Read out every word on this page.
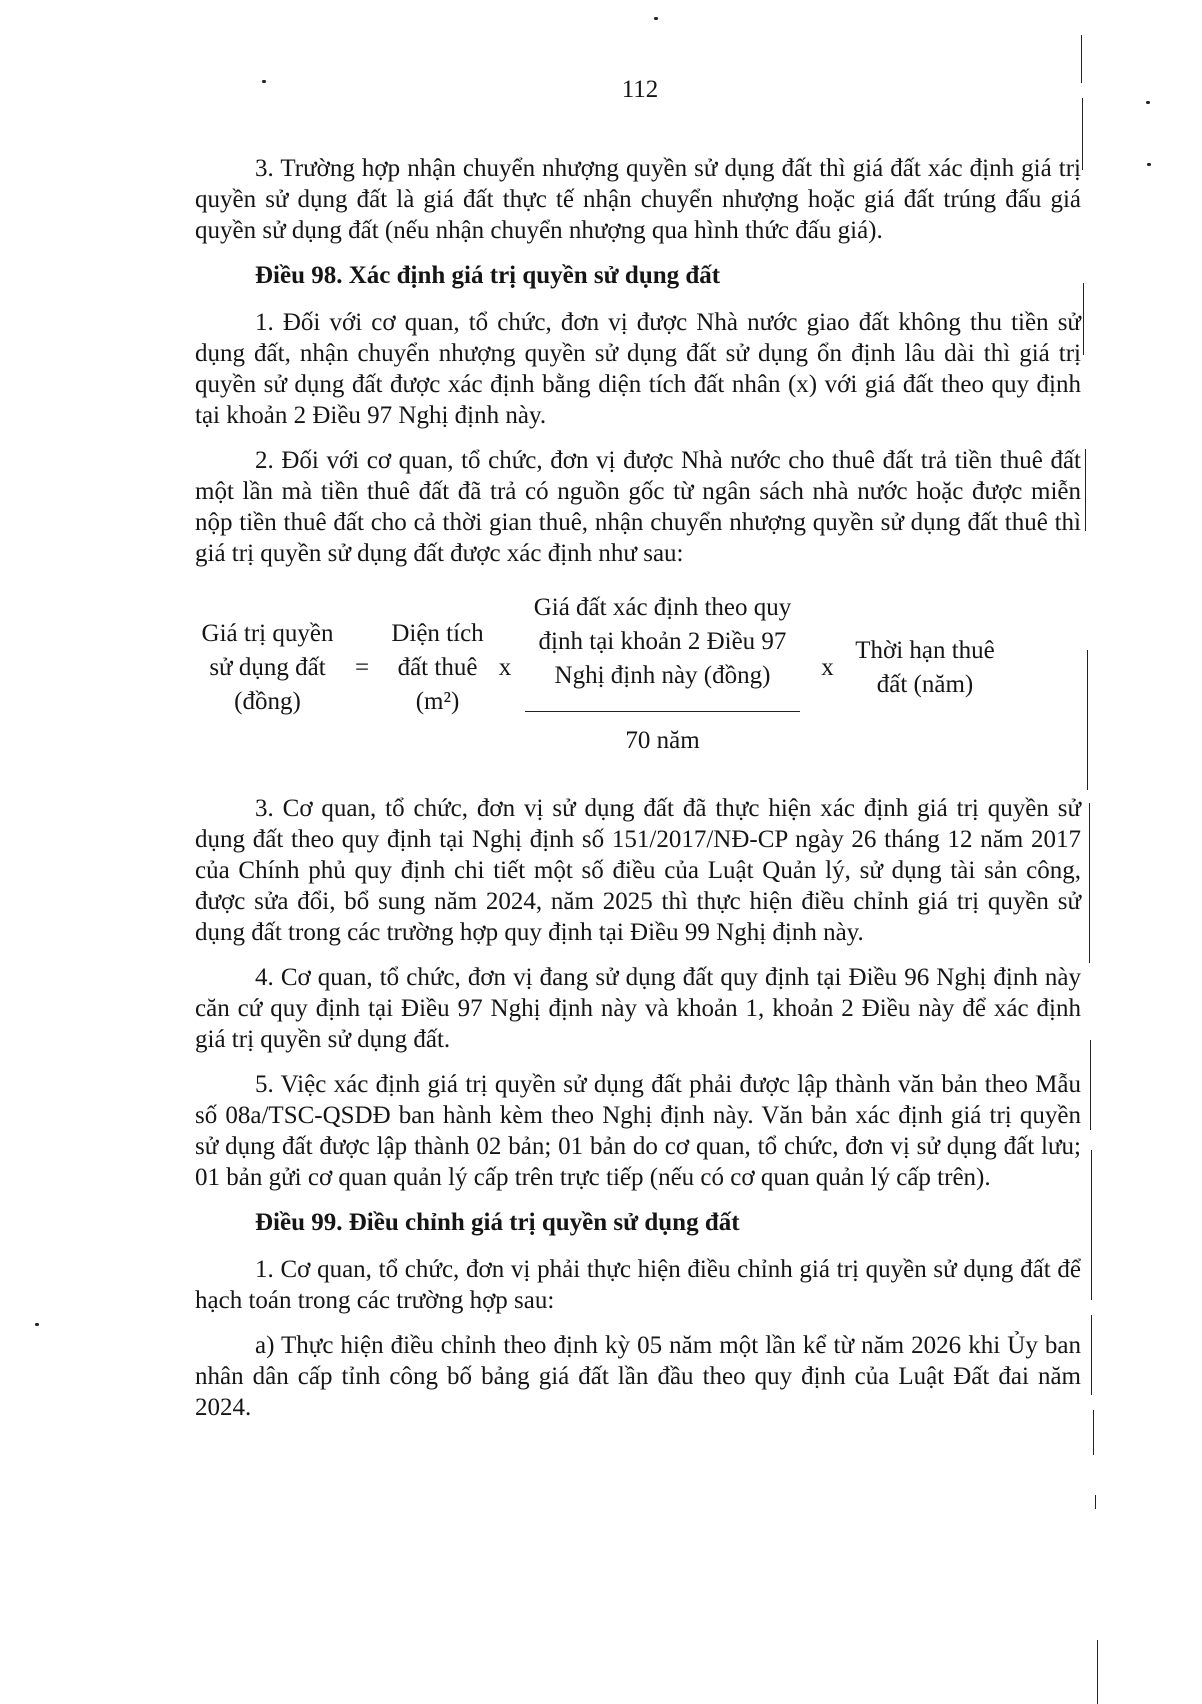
112

3. Trường hợp nhận chuyển nhượng quyền sử dụng đất thì giá đất xác định giá trị quyền sử dụng đất là giá đất thực tế nhận chuyển nhượng hoặc giá đất trúng đấu giá quyền sử dụng đất (nếu nhận chuyển nhượng qua hình thức đấu giá).

Điều 98. Xác định giá trị quyền sử dụng đất

1. Đối với cơ quan, tổ chức, đơn vị được Nhà nước giao đất không thu tiền sử dụng đất, nhận chuyển nhượng quyền sử dụng đất sử dụng ổn định lâu dài thì giá trị quyền sử dụng đất được xác định bằng diện tích đất nhân (x) với giá đất theo quy định tại khoản 2 Điều 97 Nghị định này.

2. Đối với cơ quan, tổ chức, đơn vị được Nhà nước cho thuê đất trả tiền thuê đất một lần mà tiền thuê đất đã trả có nguồn gốc từ ngân sách nhà nước hoặc được miễn nộp tiền thuê đất cho cả thời gian thuê, nhận chuyển nhượng quyền sử dụng đất thuê thì giá trị quyền sử dụng đất được xác định như sau:

Giá trị quyền
sử dụng đất
(đồng)
=
Diện tích
đất thuê
(m²)
x
Giá đất xác định theo quy
định tại khoản 2 Điều 97
Nghị định này (đồng)
70 năm
x
Thời hạn thuê
đất (năm)

3. Cơ quan, tổ chức, đơn vị sử dụng đất đã thực hiện xác định giá trị quyền sử dụng đất theo quy định tại Nghị định số 151/2017/NĐ-CP ngày 26 tháng 12 năm 2017 của Chính phủ quy định chi tiết một số điều của Luật Quản lý, sử dụng tài sản công, được sửa đổi, bổ sung năm 2024, năm 2025 thì thực hiện điều chỉnh giá trị quyền sử dụng đất trong các trường hợp quy định tại Điều 99 Nghị định này.

4. Cơ quan, tổ chức, đơn vị đang sử dụng đất quy định tại Điều 96 Nghị định này căn cứ quy định tại Điều 97 Nghị định này và khoản 1, khoản 2 Điều này để xác định giá trị quyền sử dụng đất.

5. Việc xác định giá trị quyền sử dụng đất phải được lập thành văn bản theo Mẫu số 08a/TSC-QSDĐ ban hành kèm theo Nghị định này. Văn bản xác định giá trị quyền sử dụng đất được lập thành 02 bản; 01 bản do cơ quan, tổ chức, đơn vị sử dụng đất lưu; 01 bản gửi cơ quan quản lý cấp trên trực tiếp (nếu có cơ quan quản lý cấp trên).

Điều 99. Điều chỉnh giá trị quyền sử dụng đất

1. Cơ quan, tổ chức, đơn vị phải thực hiện điều chỉnh giá trị quyền sử dụng đất để hạch toán trong các trường hợp sau:

a) Thực hiện điều chỉnh theo định kỳ 05 năm một lần kể từ năm 2026 khi Ủy ban nhân dân cấp tỉnh công bố bảng giá đất lần đầu theo quy định của Luật Đất đai năm 2024.
